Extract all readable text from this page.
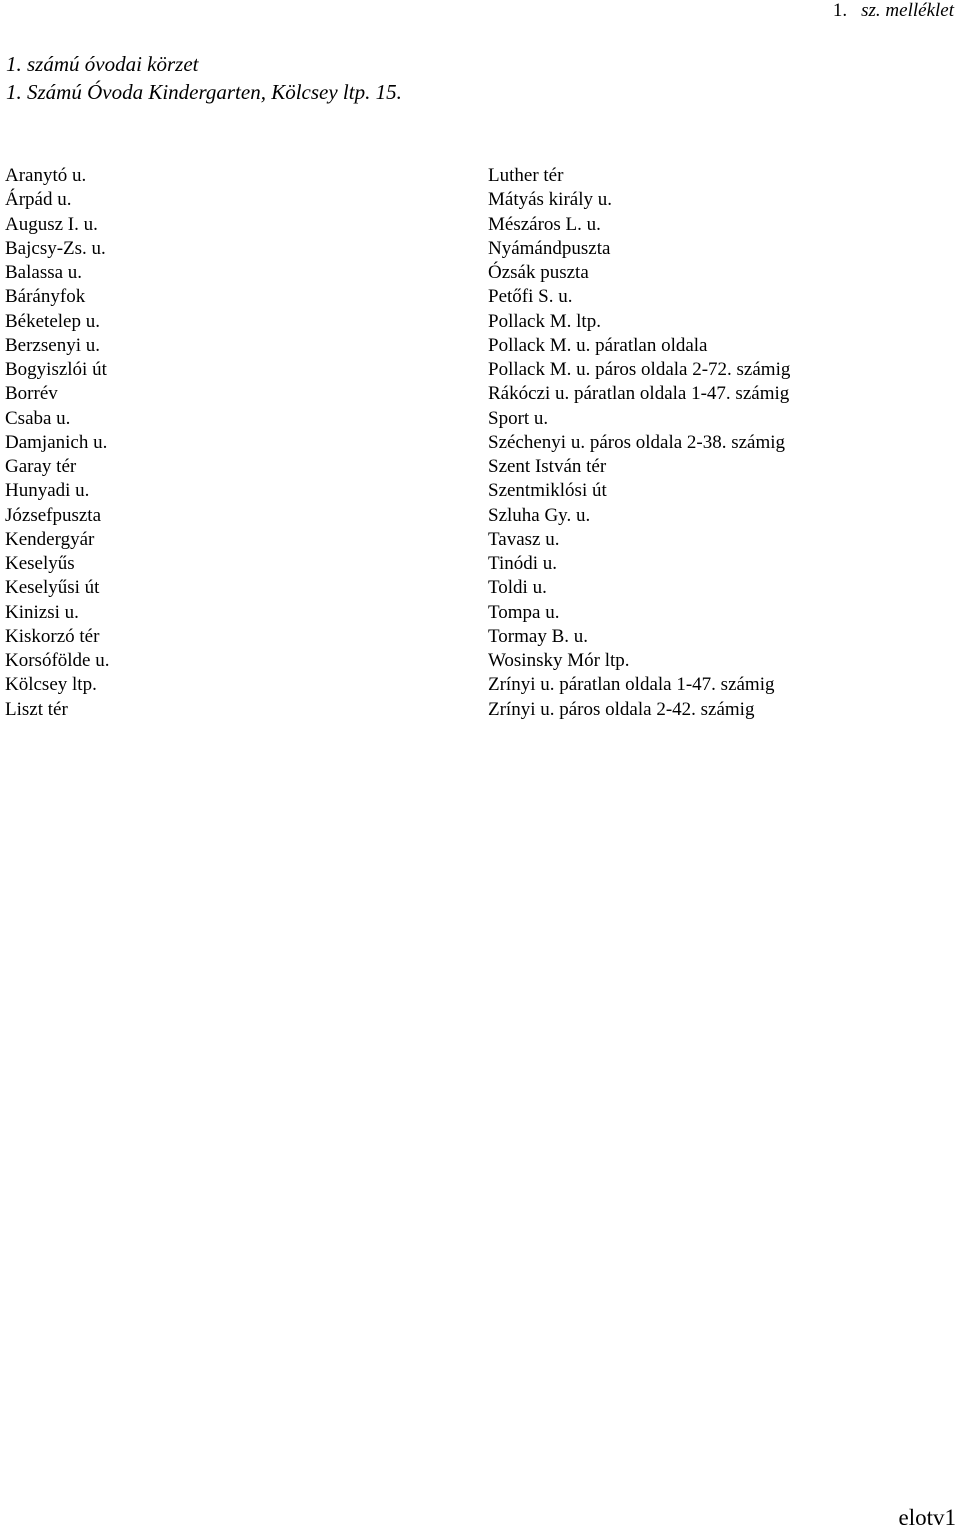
1. sz. melléklet
1. számú óvodai körzet
1. Számú Óvoda Kindergarten, Kölcsey ltp. 15.
Aranytó u.
Árpád u.
Augusz I. u.
Bajcsy-Zs. u.
Balassa u.
Bárányfok
Béketelep u.
Berzsenyi u.
Bogyiszlói út
Borrév
Csaba u.
Damjanich u.
Garay tér
Hunyadi u.
Józsefpuszta
Kendergyár
Keselyűs
Keselyűsi út
Kinizsi u.
Kiskorzó tér
Korsóföldе u.
Kölcsey ltp.
Liszt tér
Luther tér
Mátyás király u.
Mészáros L. u.
Nyámándpuszta
Ózsák puszta
Petőfi S. u.
Pollack M. ltp.
Pollack M. u. páratlan oldala
Pollack M. u. páros oldala 2-72. számig
Rákóczi u. páratlan oldala 1-47. számig
Sport u.
Széchenyi u. páros oldala 2-38. számig
Szent István tér
Szentmiklósi út
Szluha Gy. u.
Tavasz u.
Tinódi u.
Toldi u.
Tompa u.
Tormay B. u.
Wosinsky Mór ltp.
Zrínyi u. páratlan oldala 1-47. számig
Zrínyi u. páros oldala 2-42. számig
elotv1
